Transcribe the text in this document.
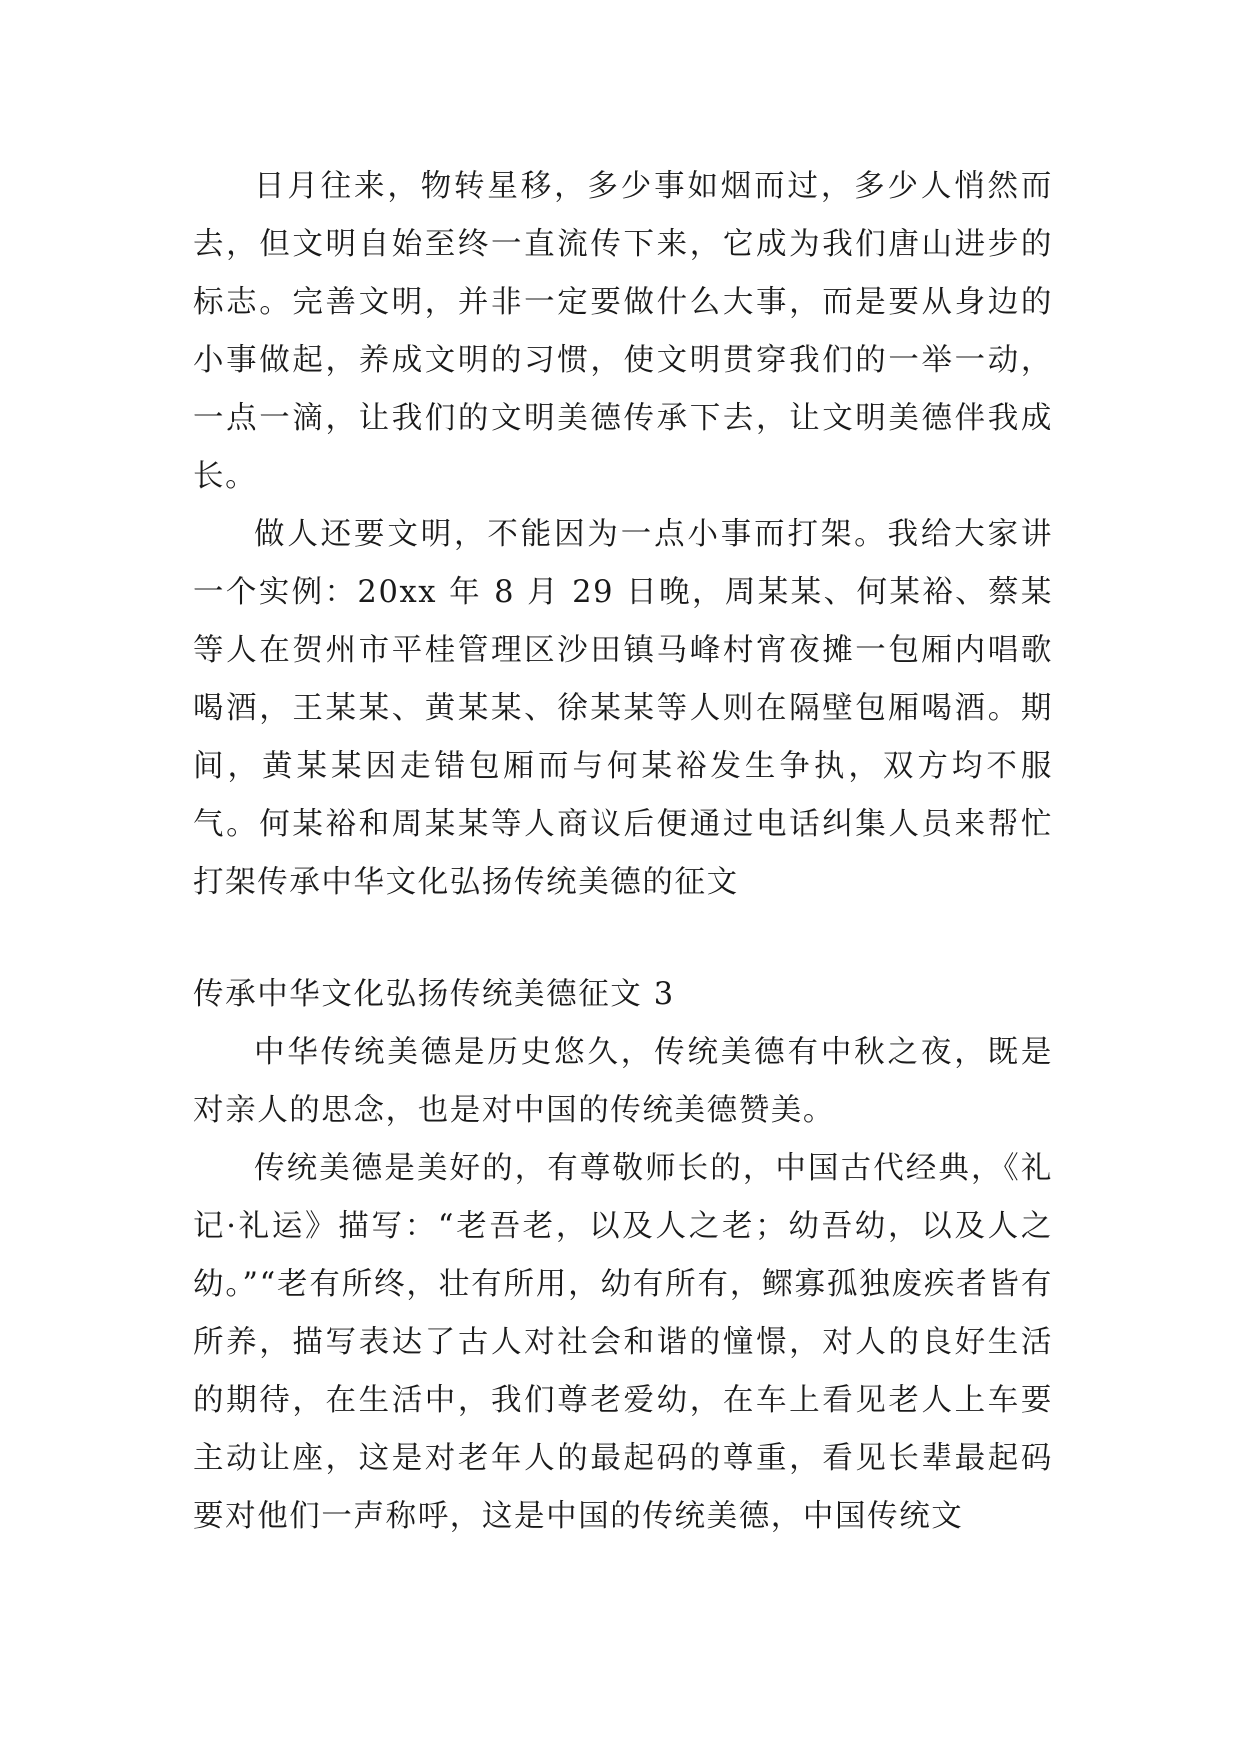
日月往来，物转星移，多少事如烟而过，多少人悄然而去，但文明自始至终一直流传下来，它成为我们唐山进步的标志。完善文明，并非一定要做什么大事，而是要从身边的小事做起，养成文明的习惯，使文明贯穿我们的一举一动，一点一滴，让我们的文明美德传承下去，让文明美德伴我成长。

做人还要文明，不能因为一点小事而打架。我给大家讲一个实例：20xx 年 8 月 29 日晚，周某某、何某裕、蔡某等人在贺州市平桂管理区沙田镇马峰村宵夜摊一包厢内唱歌喝酒，王某某、黄某某、徐某某等人则在隔壁包厢喝酒。期间，黄某某因走错包厢而与何某裕发生争执，双方均不服气。何某裕和周某某等人商议后便通过电话纠集人员来帮忙打架传承中华文化弘扬传统美德的征文

传承中华文化弘扬传统美德征文 3

中华传统美德是历史悠久，传统美德有中秋之夜，既是对亲人的思念，也是对中国的传统美德赞美。

传统美德是美好的，有尊敬师长的，中国古代经典，《礼记·礼运》描写：“老吾老，以及人之老；幼吾幼，以及人之幼。”“老有所终，壮有所用，幼有所有，鳏寡孤独废疾者皆有所养，描写表达了古人对社会和谐的憧憬，对人的良好生活的期待，在生活中，我们尊老爱幼，在车上看见老人上车要主动让座，这是对老年人的最起码的尊重，看见长辈最起码要对他们一声称呼，这是中国的传统美德，中国传统文
